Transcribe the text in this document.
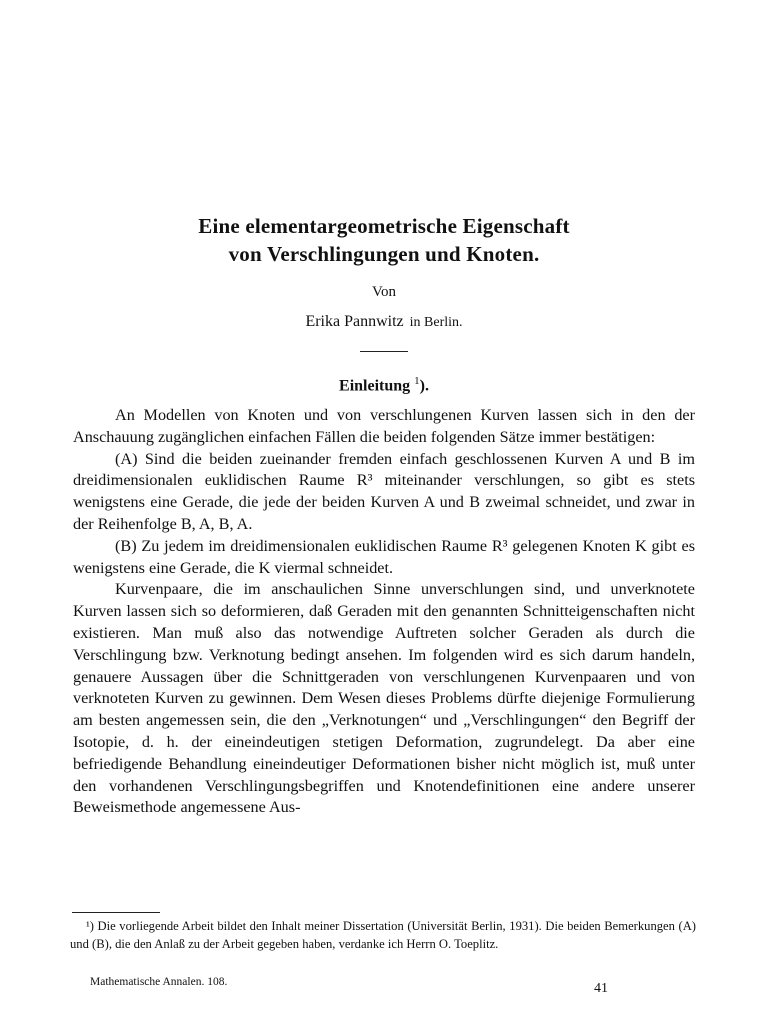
Eine elementargeometrische Eigenschaft
von Verschlingungen und Knoten.
Von
Erika Pannwitz in Berlin.
Einleitung $^1$).

An Modellen von Knoten und von verschlungenen Kurven lassen sich in den der Anschauung zugänglichen einfachen Fällen die beiden folgenden Sätze immer bestätigen:

(A) Sind die beiden zueinander fremden einfach geschlossenen Kurven A und B im dreidimensionalen euklidischen Raume R³ miteinander verschlungen, so gibt es stets wenigstens eine Gerade, die jede der beiden Kurven A und B zweimal schneidet, und zwar in der Reihenfolge B, A, B, A.

(B) Zu jedem im dreidimensionalen euklidischen Raume R³ gelegenen Knoten K gibt es wenigstens eine Gerade, die K viermal schneidet.

Kurvenpaare, die im anschaulichen Sinne unverschlungen sind, und unverknotete Kurven lassen sich so deformieren, daß Geraden mit den genannten Schnitteigenschaften nicht existieren. Man muß also das notwendige Auftreten solcher Geraden als durch die Verschlingung bzw. Verknotung bedingt ansehen. Im folgenden wird es sich darum handeln, genauere Aussagen über die Schnittgeraden von verschlungenen Kurvenpaaren und von verknoteten Kurven zu gewinnen. Dem Wesen dieses Problems dürfte diejenige Formulierung am besten angemessen sein, die den „Verknotungen“ und „Verschlingungen“ den Begriff der Isotopie, d. h. der eineindeutigen stetigen Deformation, zugrundelegt. Da aber eine befriedigende Behandlung eineindeutiger Deformationen bisher nicht möglich ist, muß unter den vorhandenen Verschlingungsbegriffen und Knotendefinitionen eine andere unserer Beweismethode angemessene Aus-

¹) Die vorliegende Arbeit bildet den Inhalt meiner Dissertation (Universität Berlin, 1931). Die beiden Bemerkungen (A) und (B), die den Anlaß zu der Arbeit gegeben haben, verdanke ich Herrn O. Toeplitz.

Mathematische Annalen. 108.	41
